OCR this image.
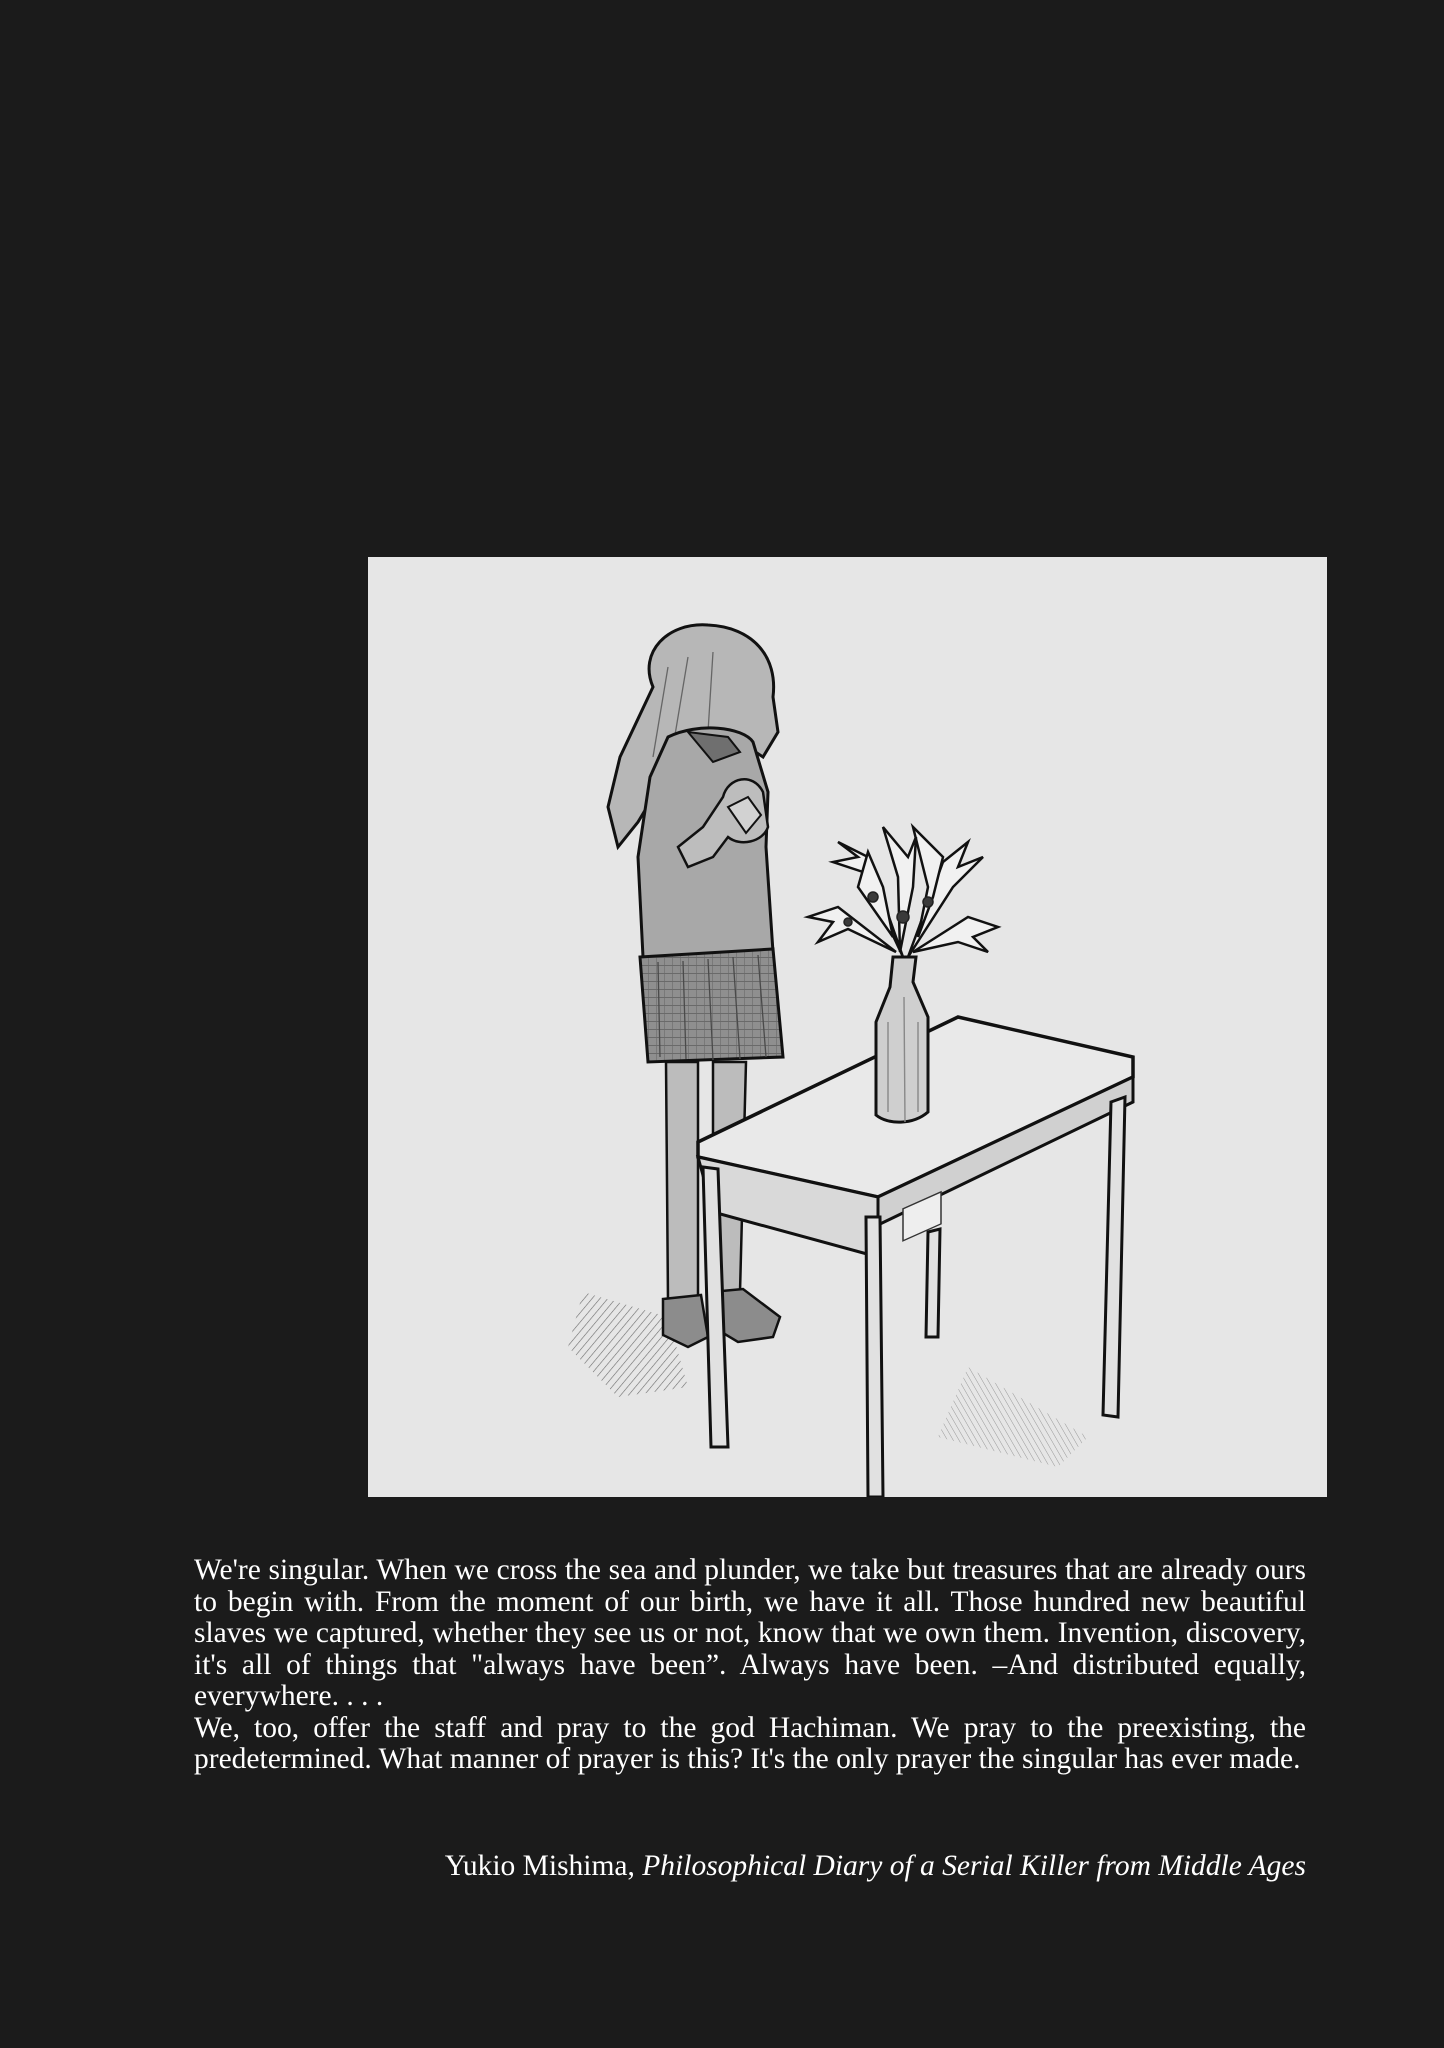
We're singular. When we cross the sea and plunder, we take but treasures that are already ours to begin with. From the moment of our birth, we have it all. Those hundred new beautiful slaves we captured, whether they see us or not, know that we own them. Invention, discovery, it's all of things that "always have been”. Always have been. –And distributed equally, everywhere. . . .

We, too, offer the staff and pray to the god Hachiman. We pray to the preexisting, the predetermined. What manner of prayer is this? It's the only prayer the singular has ever made.

Yukio Mishima, Philosophical Diary of a Serial Killer from Middle Ages
